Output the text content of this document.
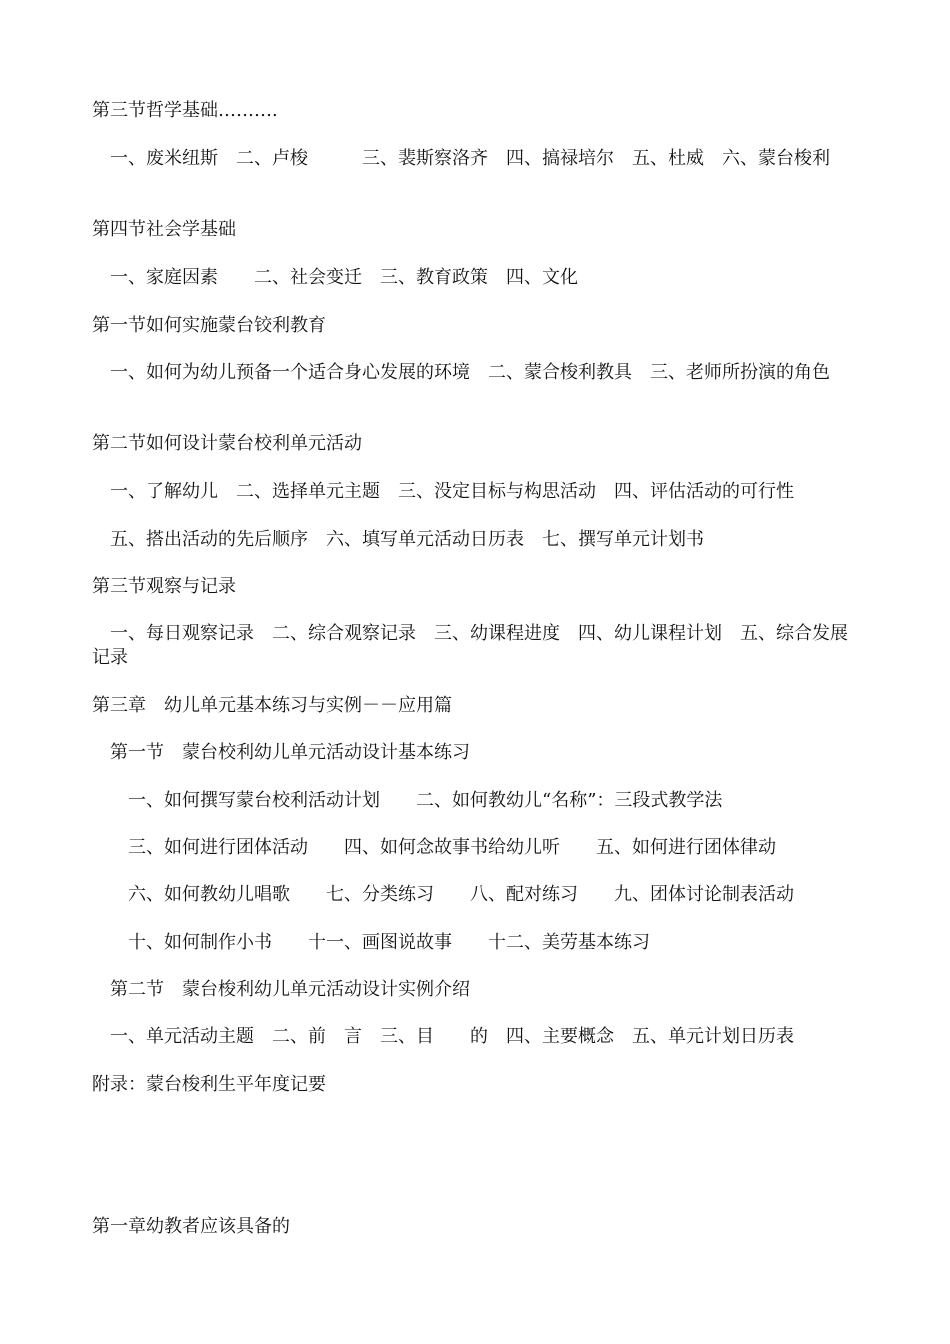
第三节哲学基础……….

一、废米纽斯　二、卢梭　　　三、裴斯察洛齐　四、搞禄培尔　五、杜威　六、蒙台梭利

第四节社会学基础

一、家庭因素　　二、社会变迁　三、教育政策　四、文化

第一节如何实施蒙台铰利教育

一、如何为幼儿预备一个适合身心发展的环境　二、蒙合梭利教具　三、老师所扮演的角色

第二节如何设计蒙台校利单元活动

一、了解幼儿　二、选择单元主题　三、没定目标与构思活动　四、评估活动的可行性

五、搭出活动的先后顺序　六、填写单元活动日历表　七、撰写单元计划书

第三节观察与记录

一、每日观察记录　二、综合观察记录　三、幼课程进度　四、幼儿课程计划　五、综合发展记录

第三章　幼儿单元基本练习与实例－－应用篇

第一节　蒙台校利幼儿单元活动设计基本练习

一、如何撰写蒙台校利活动计划　　二、如何教幼儿“名称”：三段式教学法

三、如何进行团体活动　　四、如何念故事书给幼儿听　　五、如何进行团体律动

六、如何教幼儿唱歌　　七、分类练习　　八、配对练习　　九、团体讨论制表活动

十、如何制作小书　　十一、画图说故事　　十二、美劳基本练习

第二节　蒙台梭利幼儿单元活动设计实例介绍

一、单元活动主题　二、前　言　三、目　　的　四、主要概念　五、单元计划日历表

附录：蒙台梭利生平年度记要

第一章幼教者应该具备的
